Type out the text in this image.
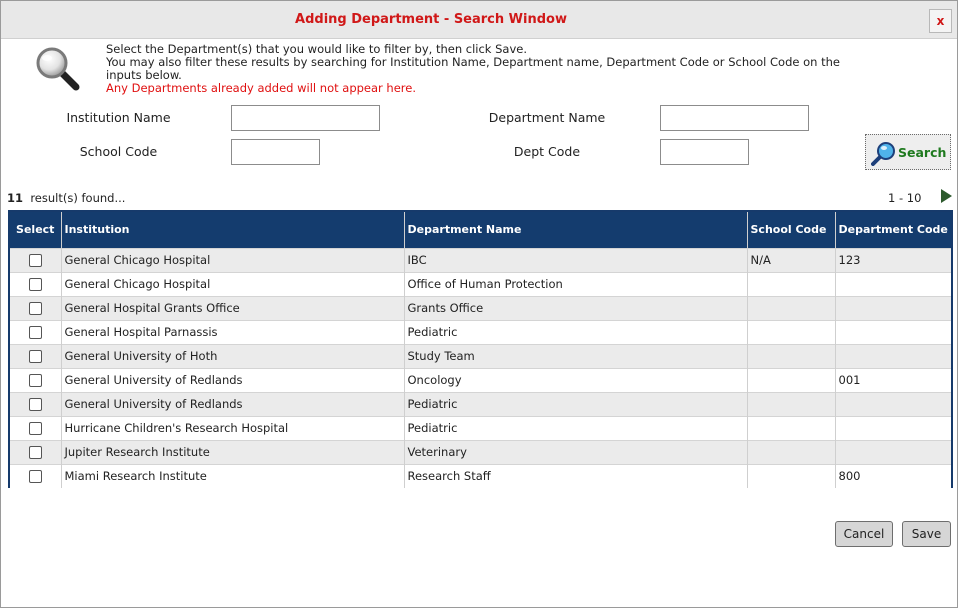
Adding Department - Search Window	x
Select the Department(s) that you would like to filter by, then click Save.
You may also filter these results by searching for Institution Name, Department name, Department Code or School Code on the inputs below.
Any Departments already added will not appear here.
Institution Name	Department Name
School Code	Dept Code	Search
11 result(s) found...	1 - 10
Select	Institution	Department Name	School Code	Department Code
	General Chicago Hospital	IBC	N/A	123
	General Chicago Hospital	Office of Human Protection		
	General Hospital Grants Office	Grants Office		
	General Hospital Parnassis	Pediatric		
	General University of Hoth	Study Team		
	General University of Redlands	Oncology		001
	General University of Redlands	Pediatric		
	Hurricane Children's Research Hospital	Pediatric		
	Jupiter Research Institute	Veterinary		
	Miami Research Institute	Research Staff		800
Cancel	Save
